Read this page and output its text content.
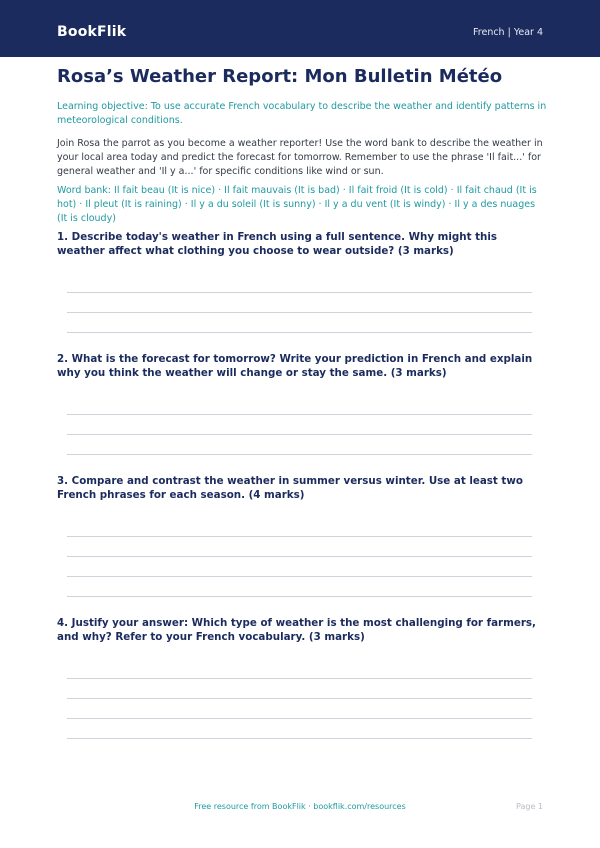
BookFlik	French | Year 4
Rosa’s Weather Report: Mon Bulletin Météo

Learning objective: To use accurate French vocabulary to describe the weather and identify patterns in meteorological conditions.

Join Rosa the parrot as you become a weather reporter! Use the word bank to describe the weather in your local area today and predict the forecast for tomorrow. Remember to use the phrase 'Il fait...' for general weather and 'Il y a...' for specific conditions like wind or sun.

Word bank: Il fait beau (It is nice) · Il fait mauvais (It is bad) · Il fait froid (It is cold) · Il fait chaud (It is hot) · Il pleut (It is raining) · Il y a du soleil (It is sunny) · Il y a du vent (It is windy) · Il y a des nuages (It is cloudy)

1. Describe today's weather in French using a full sentence. Why might this weather affect what clothing you choose to wear outside? (3 marks)
2. What is the forecast for tomorrow? Write your prediction in French and explain why you think the weather will change or stay the same. (3 marks)
3. Compare and contrast the weather in summer versus winter. Use at least two French phrases for each season. (4 marks)
4. Justify your answer: Which type of weather is the most challenging for farmers, and why? Refer to your French vocabulary. (3 marks)
Free resource from BookFlik · bookflik.com/resources	Page 1
